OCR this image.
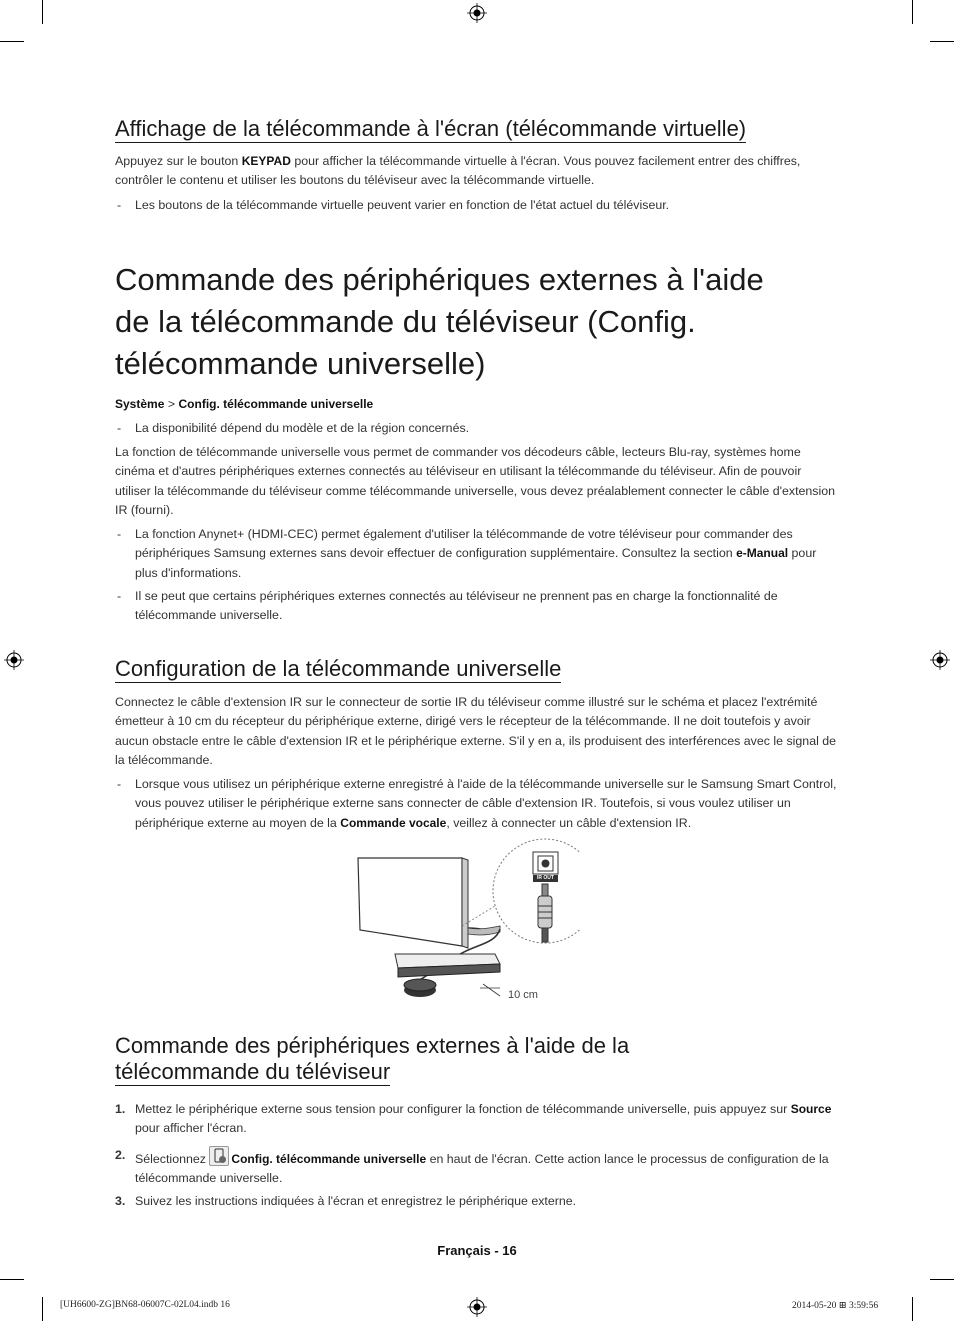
Affichage de la télécommande à l'écran (télécommande virtuelle)

Appuyez sur le bouton KEYPAD pour afficher la télécommande virtuelle à l'écran. Vous pouvez facilement entrer des chiffres, contrôler le contenu et utiliser les boutons du téléviseur avec la télécommande virtuelle.

- Les boutons de la télécommande virtuelle peuvent varier en fonction de l'état actuel du téléviseur.

Commande des périphériques externes à l'aide
de la télécommande du téléviseur (Config.
télécommande universelle)

Système > Config. télécommande universelle

- La disponibilité dépend du modèle et de la région concernés.

La fonction de télécommande universelle vous permet de commander vos décodeurs câble, lecteurs Blu-ray, systèmes home cinéma et d'autres périphériques externes connectés au téléviseur en utilisant la télécommande du téléviseur. Afin de pouvoir utiliser la télécommande du téléviseur comme télécommande universelle, vous devez préalablement connecter le câble d'extension IR (fourni).

- La fonction Anynet+ (HDMI-CEC) permet également d'utiliser la télécommande de votre téléviseur pour commander des périphériques Samsung externes sans devoir effectuer de configuration supplémentaire. Consultez la section e-Manual pour plus d'informations.

- Il se peut que certains périphériques externes connectés au téléviseur ne prennent pas en charge la fonctionnalité de télécommande universelle.

Configuration de la télécommande universelle

Connectez le câble d'extension IR sur le connecteur de sortie IR du téléviseur comme illustré sur le schéma et placez l'extrémité émetteur à 10 cm du récepteur du périphérique externe, dirigé vers le récepteur de la télécommande. Il ne doit toutefois y avoir aucun obstacle entre le câble d'extension IR et le périphérique externe. S'il y en a, ils produisent des interférences avec le signal de la télécommande.

- Lorsque vous utilisez un périphérique externe enregistré à l'aide de la télécommande universelle sur le Samsung Smart Control, vous pouvez utiliser le périphérique externe sans connecter de câble d'extension IR. Toutefois, si vous voulez utiliser un périphérique externe au moyen de la Commande vocale, veillez à connecter un câble d'extension IR.

IR OUT
10 cm
Commande des périphériques externes à l'aide de la
télécommande du téléviseur

1. Mettez le périphérique externe sous tension pour configurer la fonction de télécommande universelle, puis appuyez sur Source pour afficher l'écran.

2. Sélectionnez
Config. télécommande universelle en haut de l'écran. Cette action lance le processus de configuration de la télécommande universelle.

3. Suivez les instructions indiquées à l'écran et enregistrez le périphérique externe.

Français - 16
[UH6600-ZG]BN68-06007C-02L04.indb 16	2014-05-20 ⊞ 3:59:56
